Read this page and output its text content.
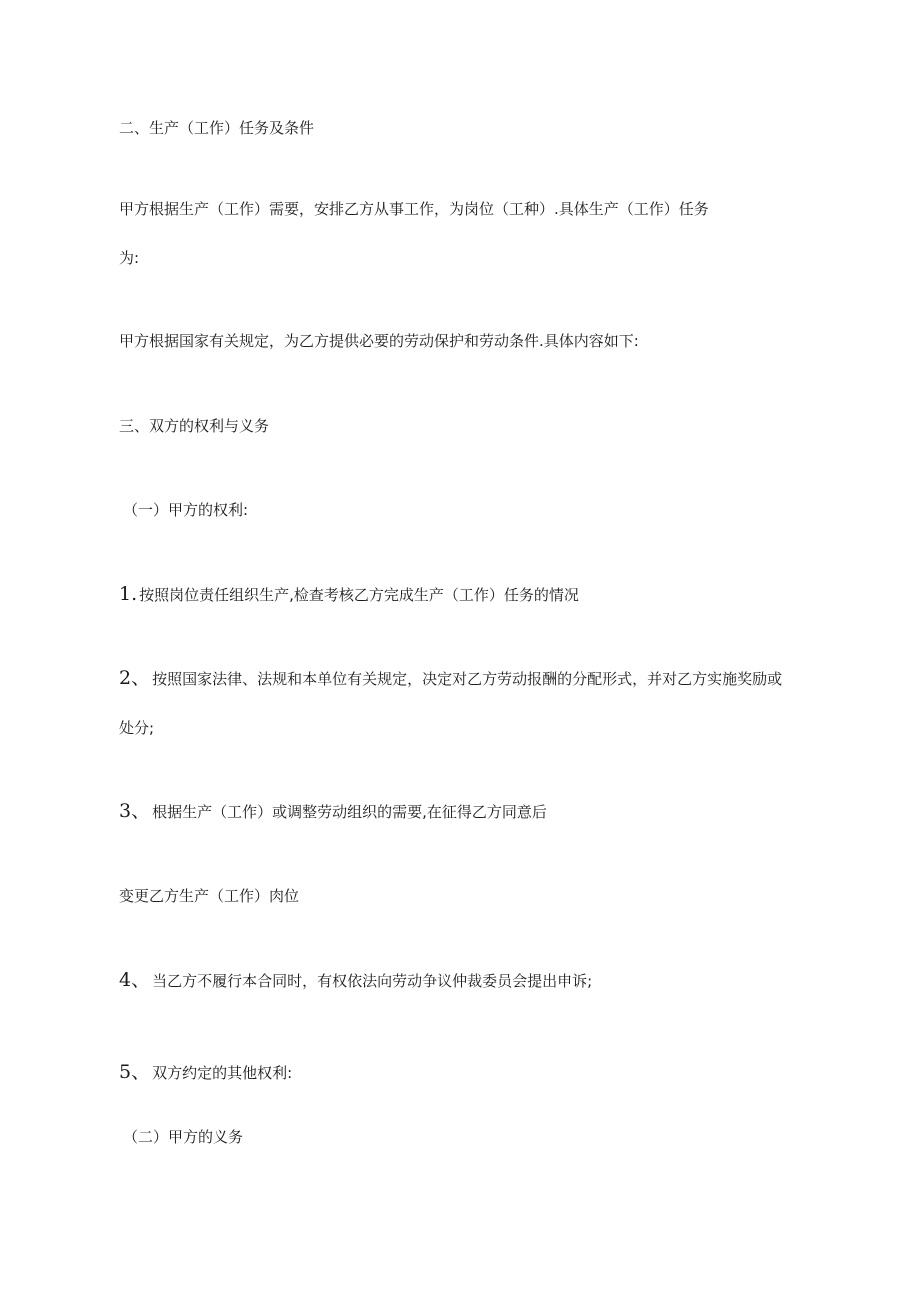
二、生产（工作）任务及条件
甲方根据生产（工作）需要，安排乙方从事工作，为岗位（工种）.具体生产（工作）任务
为:
甲方根据国家有关规定，为乙方提供必要的劳动保护和劳动条件.具体内容如下:
三、双方的权利与义务
（一）甲方的权利:
1. 按照岗位责任组织生产,检查考核乙方完成生产（工作）任务的情况
2、 按照国家法律、法规和本单位有关规定，决定对乙方劳动报酬的分配形式，并对乙方实施奖励或
处分;
3、 根据生产（工作）或调整劳动组织的需要,在征得乙方同意后
变更乙方生产（工作）肉位
4、 当乙方不履行本合同时，有权依法向劳动争议仲裁委员会提出申诉;
5、 双方约定的其他权利:
（二）甲方的义务
